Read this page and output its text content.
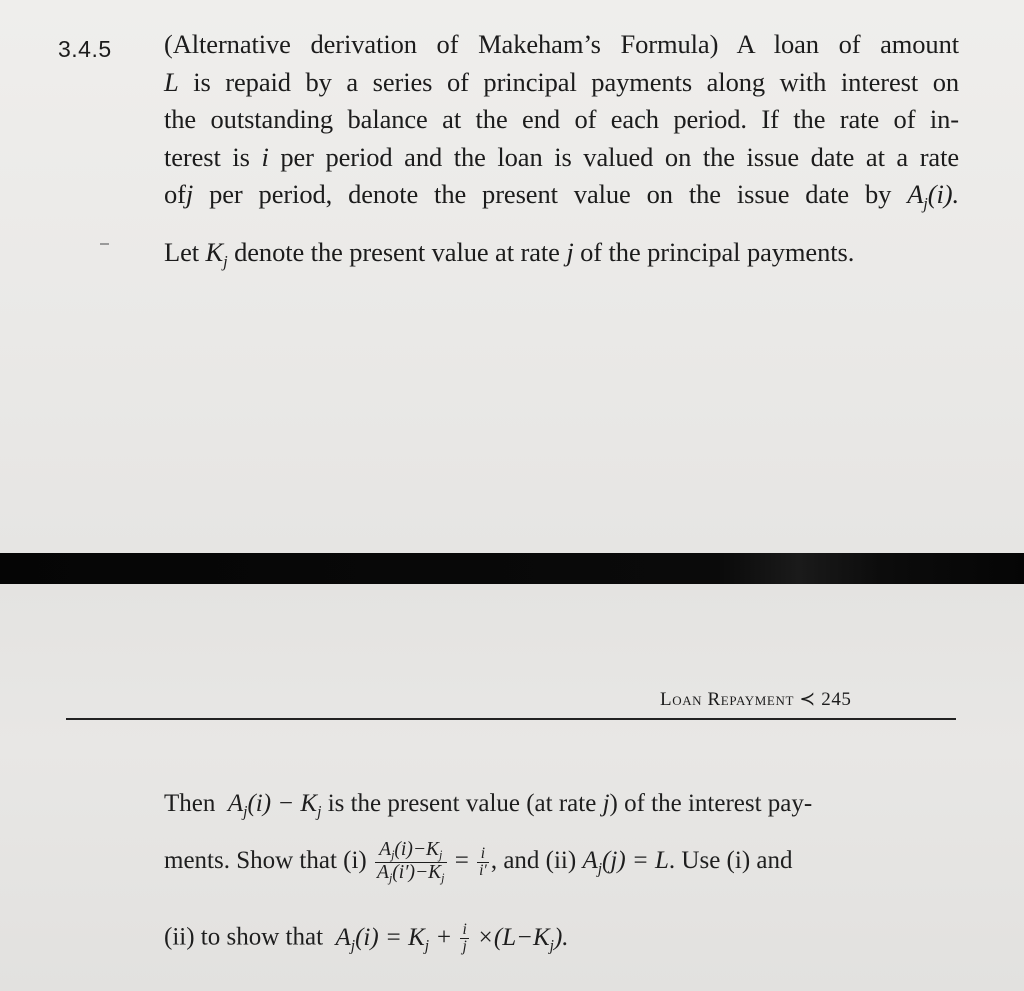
3.4.5 (Alternative derivation of Makeham’s Formula) A loan of amount
L is repaid by a series of principal payments along with interest on
the outstanding balance at the end of each period. If the rate of in-
terest is i per period and the loan is valued on the issue date at a rate
ofj per period, denote the present value on the issue date by $A_j(i)$.
Let $K_j$ denote the present value at rate j of the principal payments.
Loan Repayment ≺ 245
Then  $A_j(i) - K_j$ is the present value (at rate j) of the interest pay-
ments. Show that $(i) \frac{A_j(i)-K_j}{A_j(i')-K_j} = \frac{i}{i'}$ , and (ii) $A_j(j) = L$. Use (i) and
(ii) to show that  $A_j(i) = K_j + \frac{i}{j} \times(L-K_j)$.
